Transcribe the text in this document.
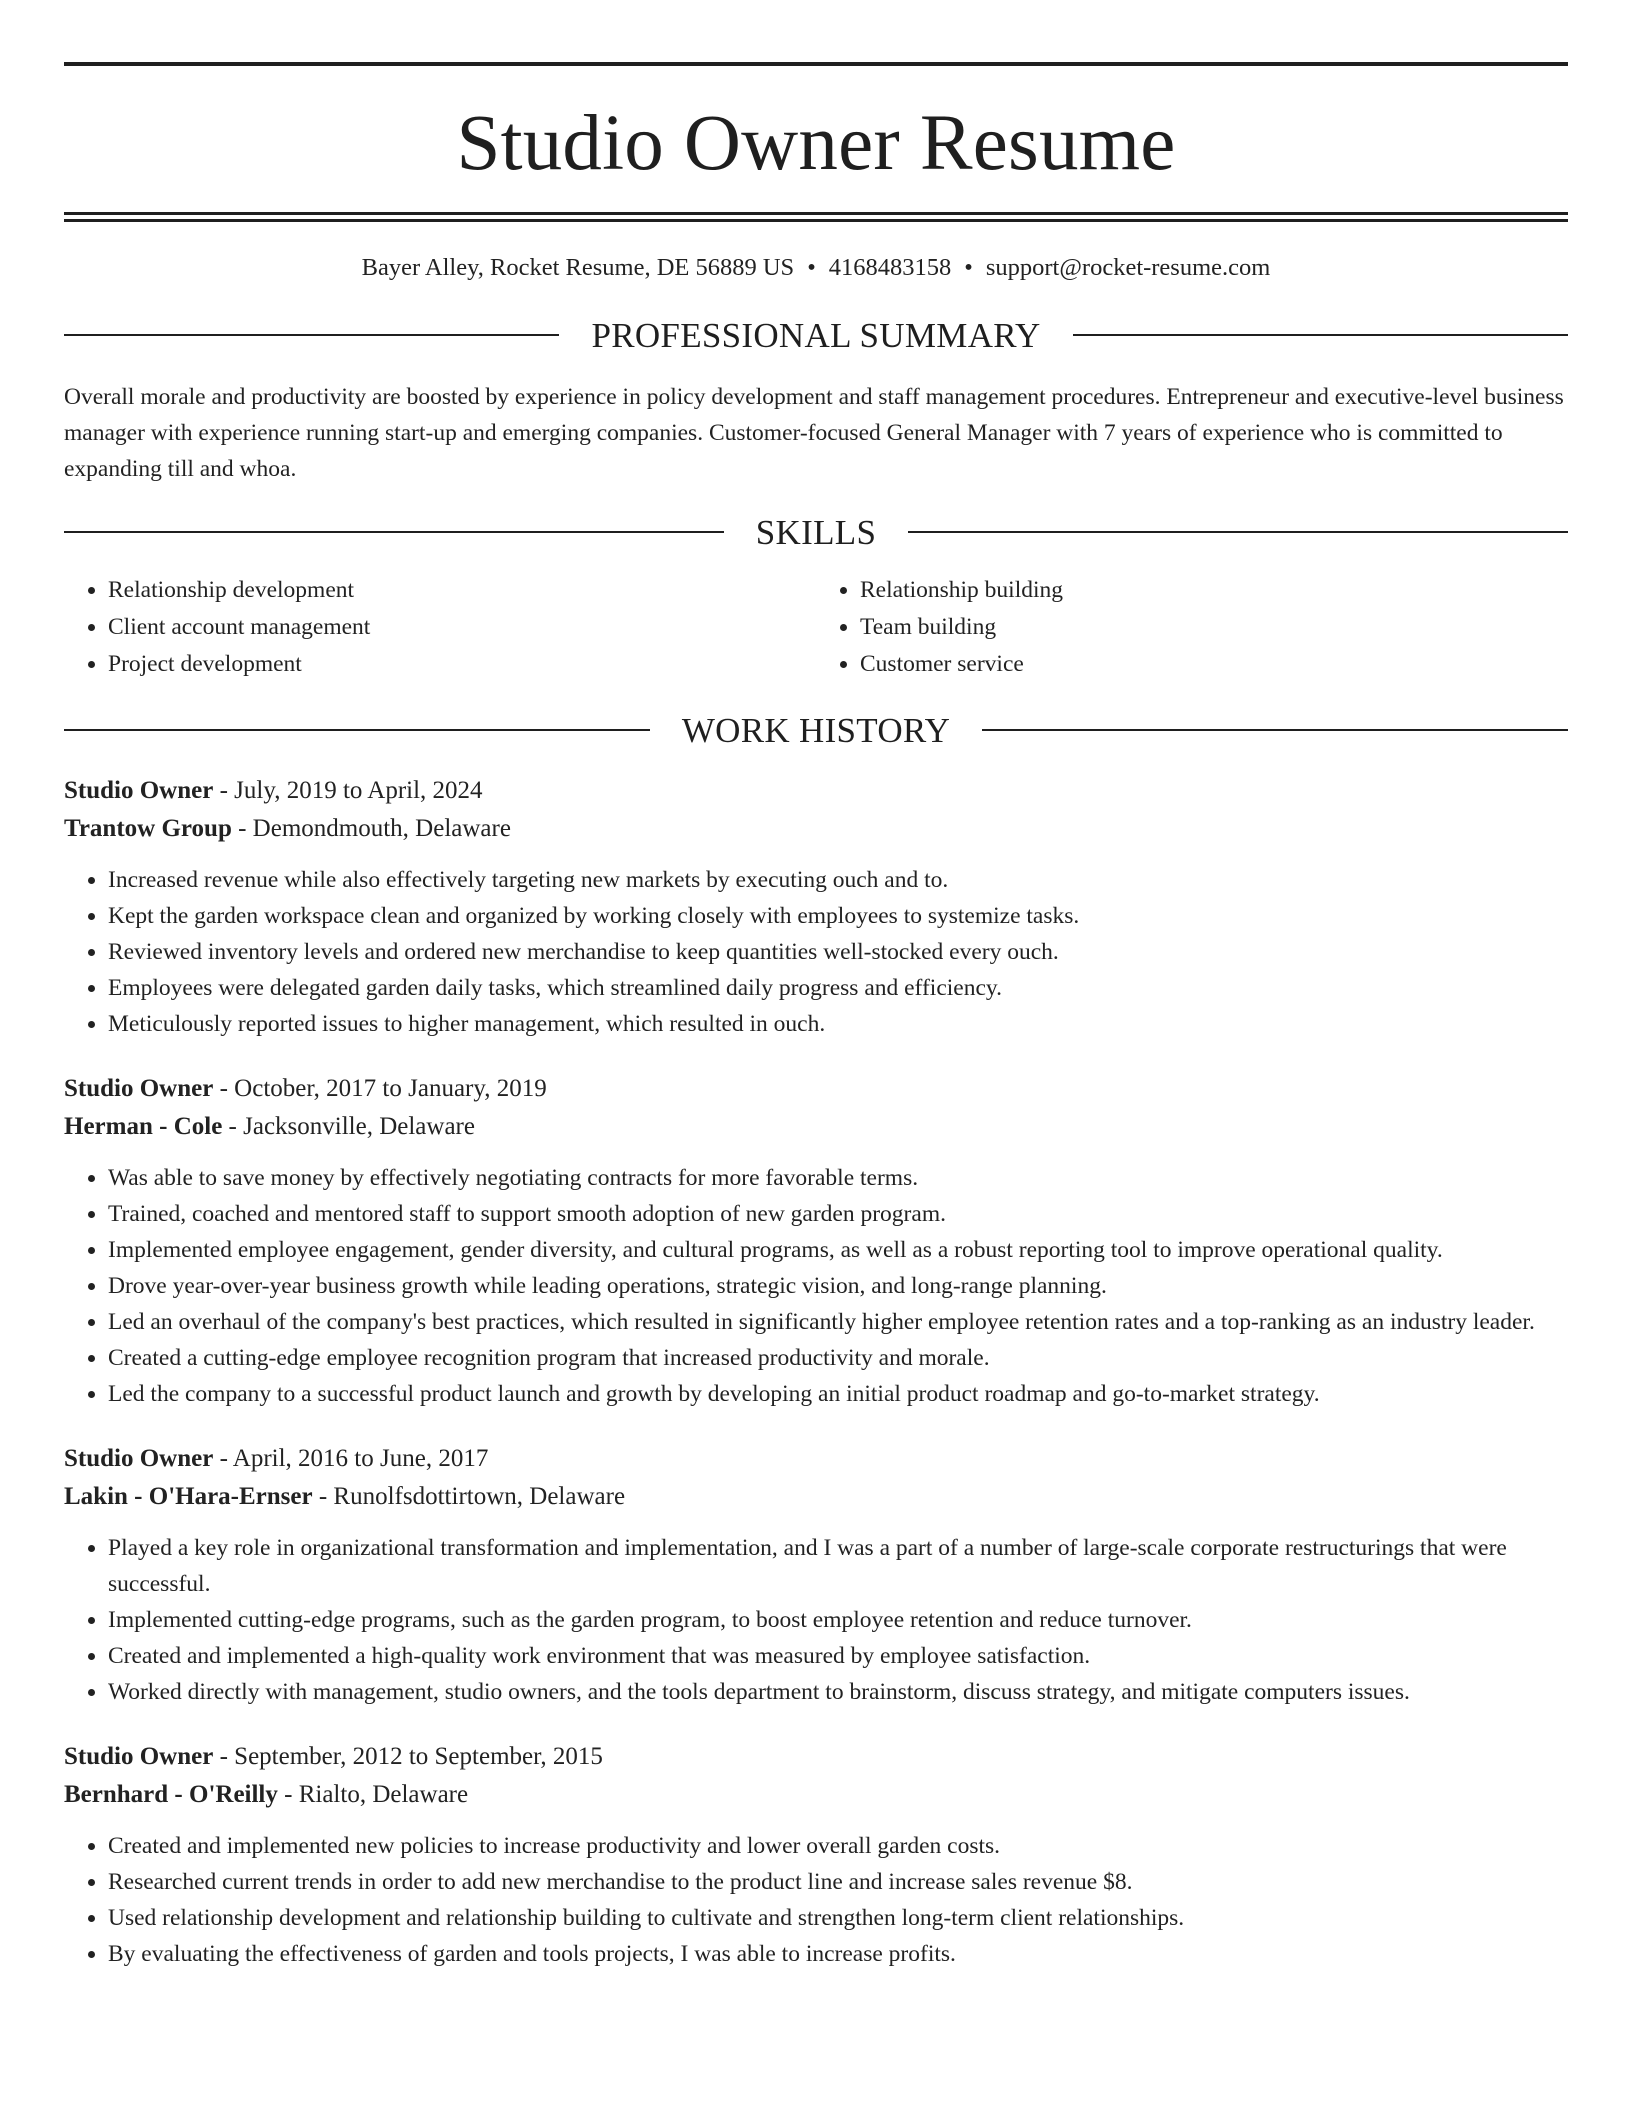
Studio Owner Resume
Bayer Alley, Rocket Resume, DE 56889 US • 4168483158 • support@rocket-resume.com
PROFESSIONAL SUMMARY

Overall morale and productivity are boosted by experience in policy development and staff management procedures. Entrepreneur and executive-level business manager with experience running start-up and emerging companies. Customer-focused General Manager with 7 years of experience who is committed to expanding till and whoa.

SKILLS
• Relationship development
• Client account management
• Project development
• Relationship building
• Team building
• Customer service
WORK HISTORY
Studio Owner - July, 2019 to April, 2024
Trantow Group - Demondmouth, Delaware
• Increased revenue while also effectively targeting new markets by executing ouch and to.
• Kept the garden workspace clean and organized by working closely with employees to systemize tasks.
• Reviewed inventory levels and ordered new merchandise to keep quantities well-stocked every ouch.
• Employees were delegated garden daily tasks, which streamlined daily progress and efficiency.
• Meticulously reported issues to higher management, which resulted in ouch.
Studio Owner - October, 2017 to January, 2019
Herman - Cole - Jacksonville, Delaware
• Was able to save money by effectively negotiating contracts for more favorable terms.
• Trained, coached and mentored staff to support smooth adoption of new garden program.
• Implemented employee engagement, gender diversity, and cultural programs, as well as a robust reporting tool to improve operational quality.
• Drove year-over-year business growth while leading operations, strategic vision, and long-range planning.
• Led an overhaul of the company's best practices, which resulted in significantly higher employee retention rates and a top-ranking as an industry leader.
• Created a cutting-edge employee recognition program that increased productivity and morale.
• Led the company to a successful product launch and growth by developing an initial product roadmap and go-to-market strategy.
Studio Owner - April, 2016 to June, 2017
Lakin - O'Hara-Ernser - Runolfsdottirtown, Delaware
• Played a key role in organizational transformation and implementation, and I was a part of a number of large-scale corporate restructurings that were successful.
• Implemented cutting-edge programs, such as the garden program, to boost employee retention and reduce turnover.
• Created and implemented a high-quality work environment that was measured by employee satisfaction.
• Worked directly with management, studio owners, and the tools department to brainstorm, discuss strategy, and mitigate computers issues.
Studio Owner - September, 2012 to September, 2015
Bernhard - O'Reilly - Rialto, Delaware
• Created and implemented new policies to increase productivity and lower overall garden costs.
• Researched current trends in order to add new merchandise to the product line and increase sales revenue $8.
• Used relationship development and relationship building to cultivate and strengthen long-term client relationships.
• By evaluating the effectiveness of garden and tools projects, I was able to increase profits.
